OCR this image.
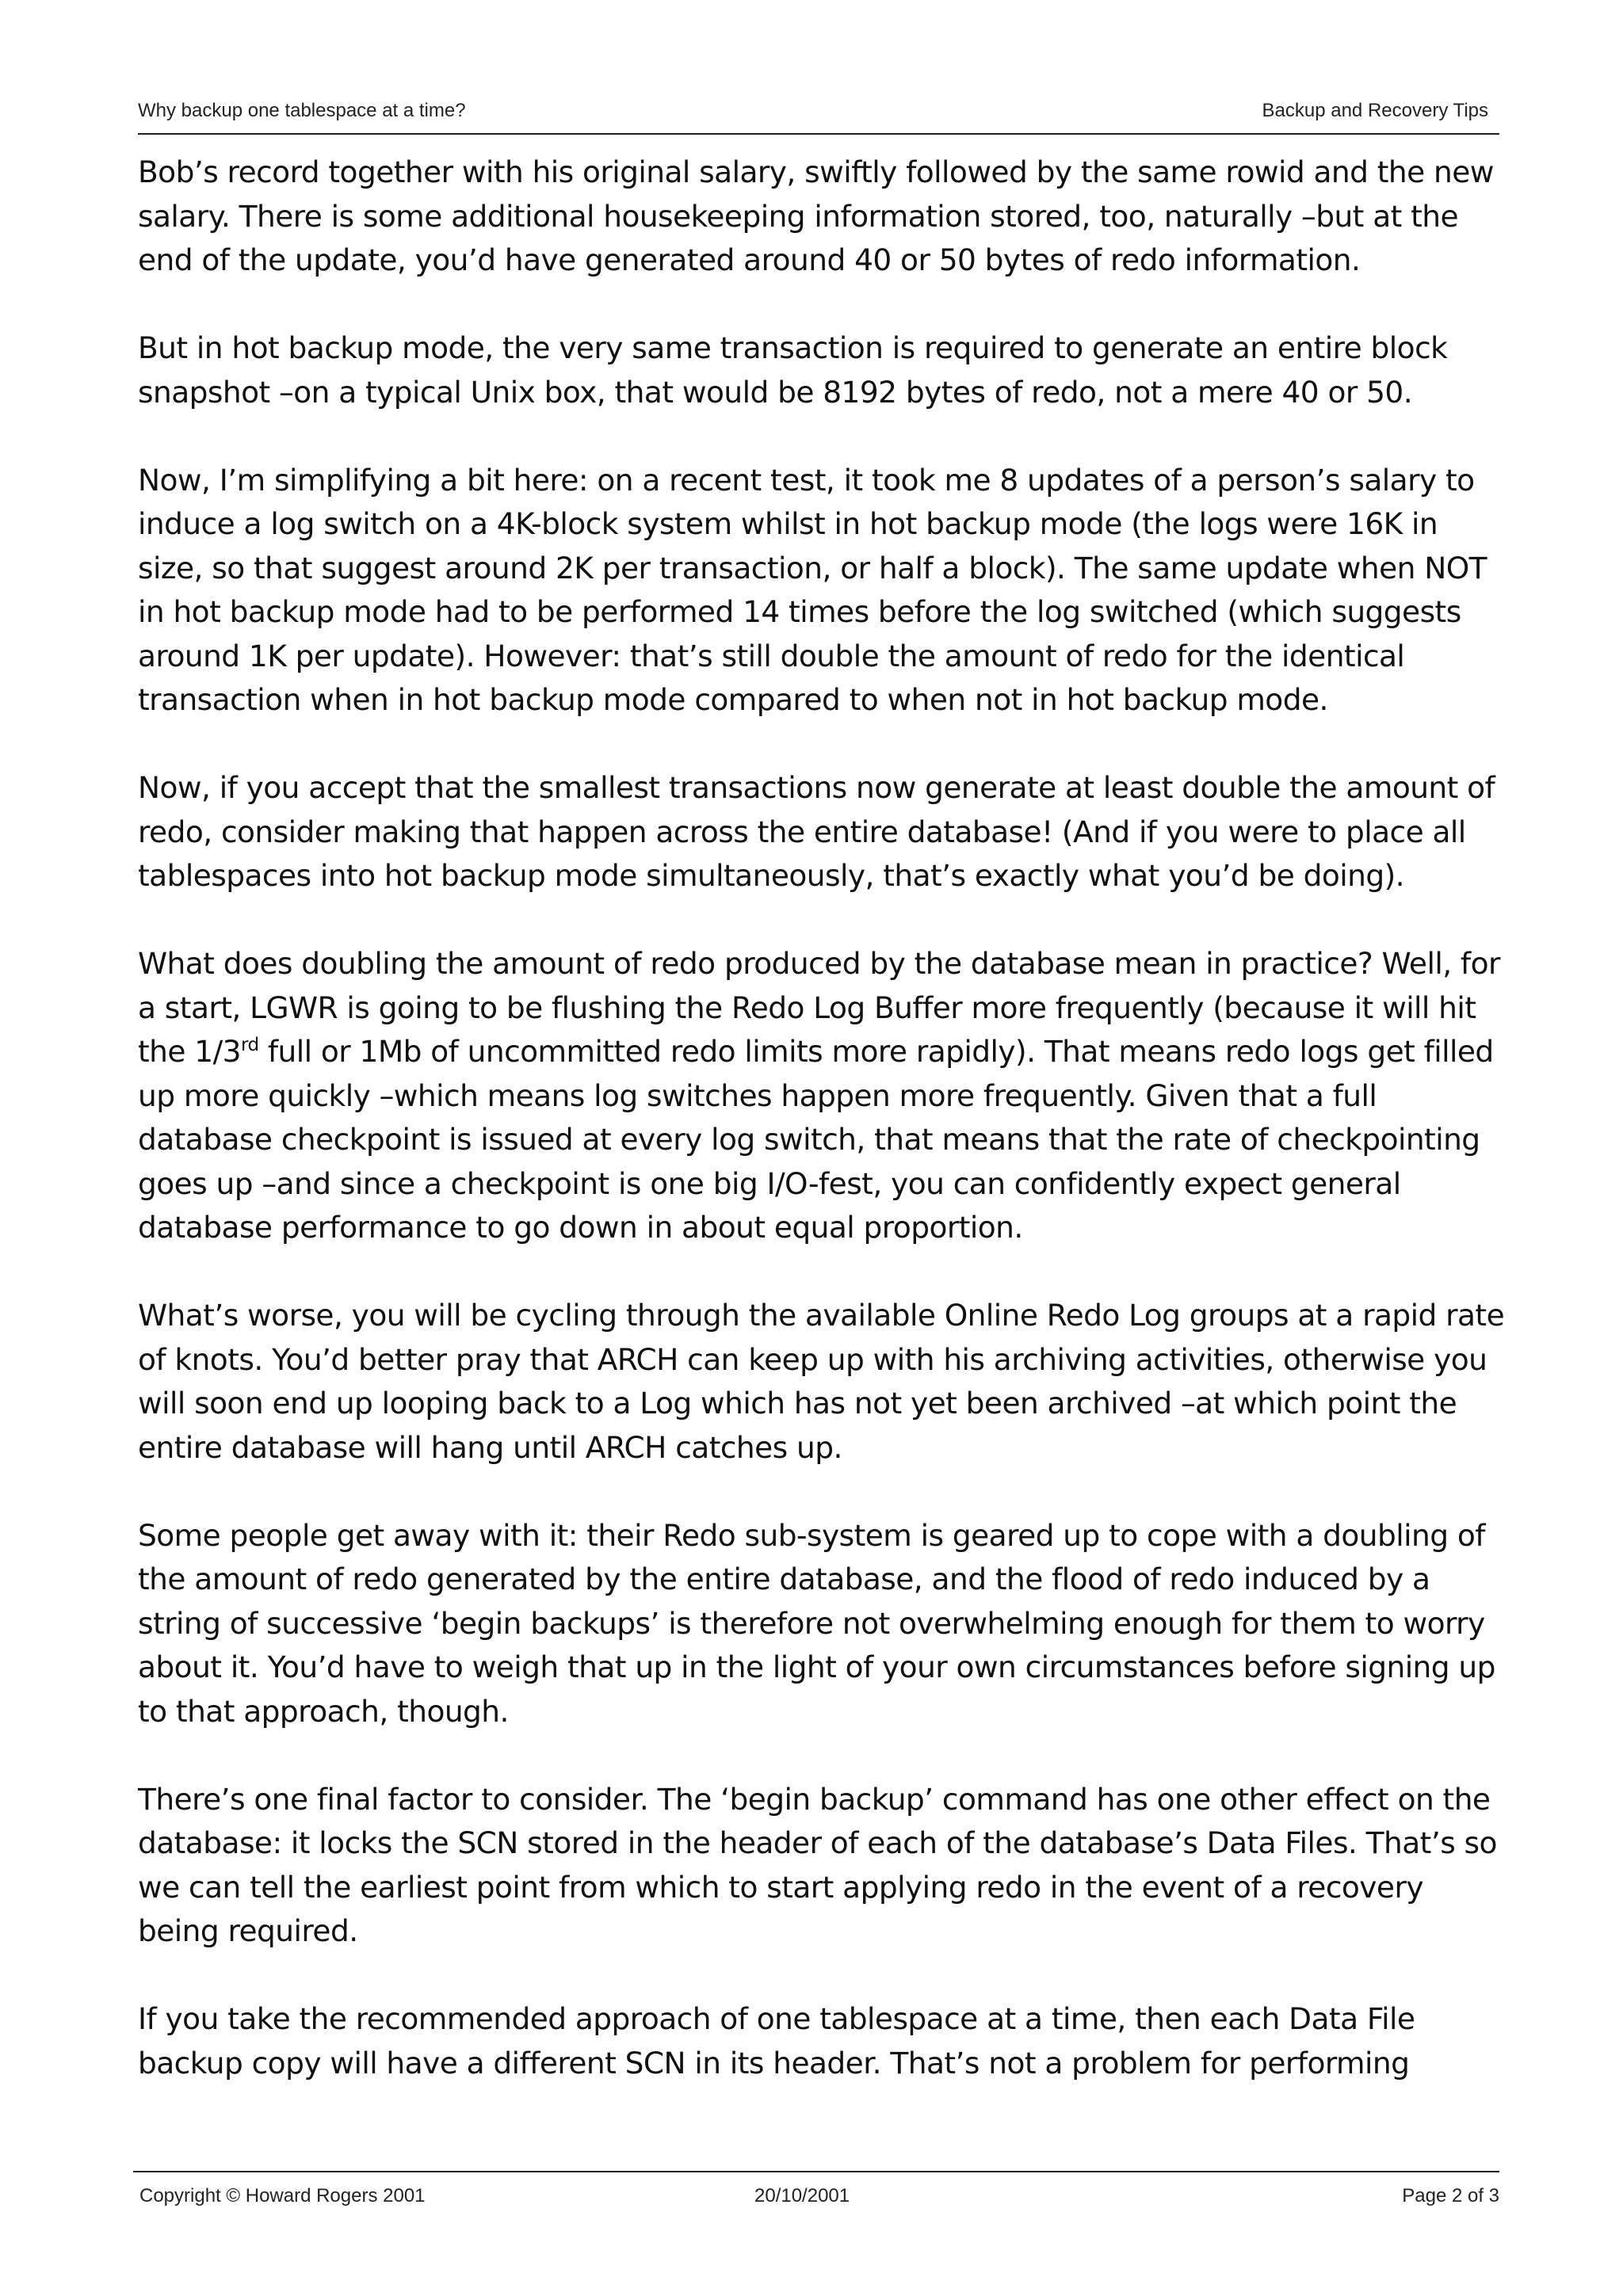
Why backup one tablespace at a time?	Backup and Recovery Tips

Bob’s record together with his original salary, swiftly followed by the same rowid and the new salary. There is some additional housekeeping information stored, too, naturally –but at the end of the update, you’d have generated around 40 or 50 bytes of redo information.

But in hot backup mode, the very same transaction is required to generate an entire block snapshot –on a typical Unix box, that would be 8192 bytes of redo, not a mere 40 or 50.

Now, I’m simplifying a bit here: on a recent test, it took me 8 updates of a person’s salary to induce a log switch on a 4K-block system whilst in hot backup mode (the logs were 16K in size, so that suggest around 2K per transaction, or half a block). The same update when NOT in hot backup mode had to be performed 14 times before the log switched (which suggests around 1K per update). However: that’s still double the amount of redo for the identical transaction when in hot backup mode compared to when not in hot backup mode.

Now, if you accept that the smallest transactions now generate at least double the amount of redo, consider making that happen across the entire database! (And if you were to place all tablespaces into hot backup mode simultaneously, that’s exactly what you’d be doing).

What does doubling the amount of redo produced by the database mean in practice? Well, for a start, LGWR is going to be flushing the Redo Log Buffer more frequently (because it will hit the 1/3rd full or 1Mb of uncommitted redo limits more rapidly). That means redo logs get filled up more quickly –which means log switches happen more frequently. Given that a full database checkpoint is issued at every log switch, that means that the rate of checkpointing goes up –and since a checkpoint is one big I/O-fest, you can confidently expect general database performance to go down in about equal proportion.

What’s worse, you will be cycling through the available Online Redo Log groups at a rapid rate of knots. You’d better pray that ARCH can keep up with his archiving activities, otherwise you will soon end up looping back to a Log which has not yet been archived –at which point the entire database will hang until ARCH catches up.

Some people get away with it: their Redo sub-system is geared up to cope with a doubling of the amount of redo generated by the entire database, and the flood of redo induced by a string of successive ‘begin backups’ is therefore not overwhelming enough for them to worry about it. You’d have to weigh that up in the light of your own circumstances before signing up to that approach, though.

There’s one final factor to consider. The ‘begin backup’ command has one other effect on the database: it locks the SCN stored in the header of each of the database’s Data Files. That’s so we can tell the earliest point from which to start applying redo in the event of a recovery being required.

If you take the recommended approach of one tablespace at a time, then each Data File backup copy will have a different SCN in its header. That’s not a problem for performing

Copyright © Howard Rogers 2001	20/10/2001	Page 2 of 3
